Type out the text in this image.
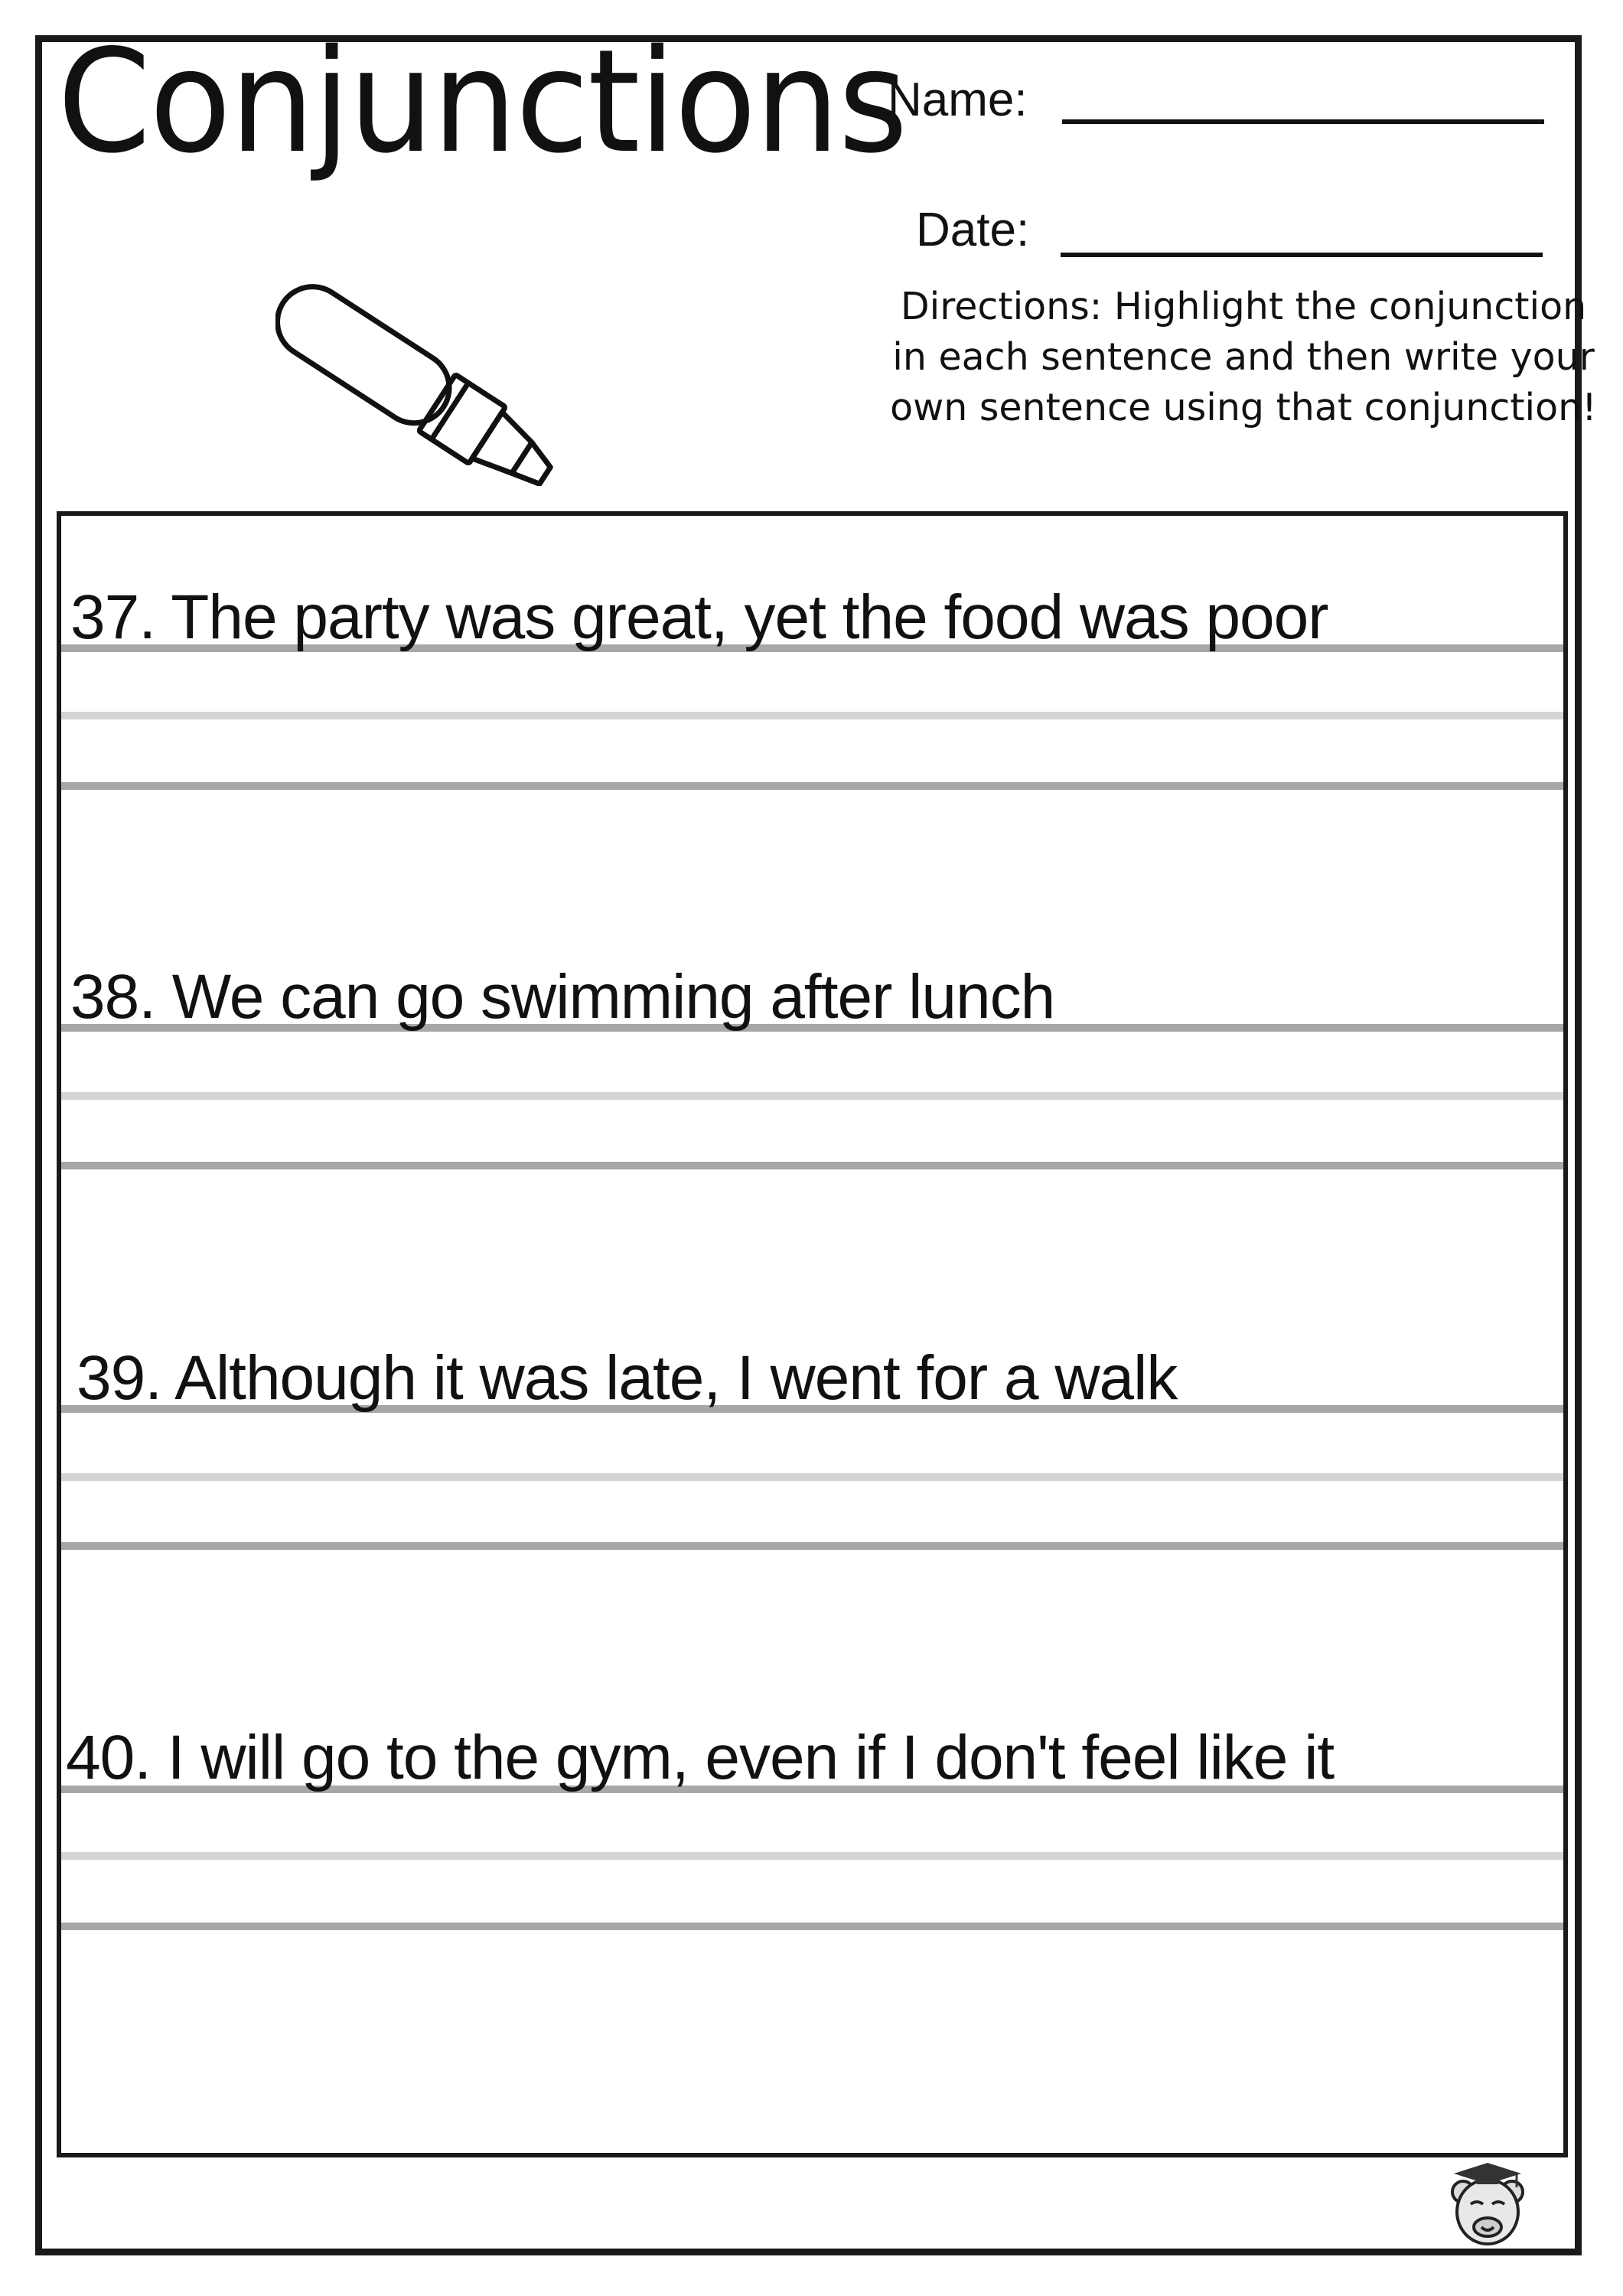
Conjunctions
Name:
Date:

Directions: Highlight the conjunction in each sentence and then write your own sentence using that conjunction!

37. The party was great, yet the food was poor
38. We can go swimming after lunch
39. Although it was late, I went for a walk
40. I will go to the gym, even if I don't feel like it
